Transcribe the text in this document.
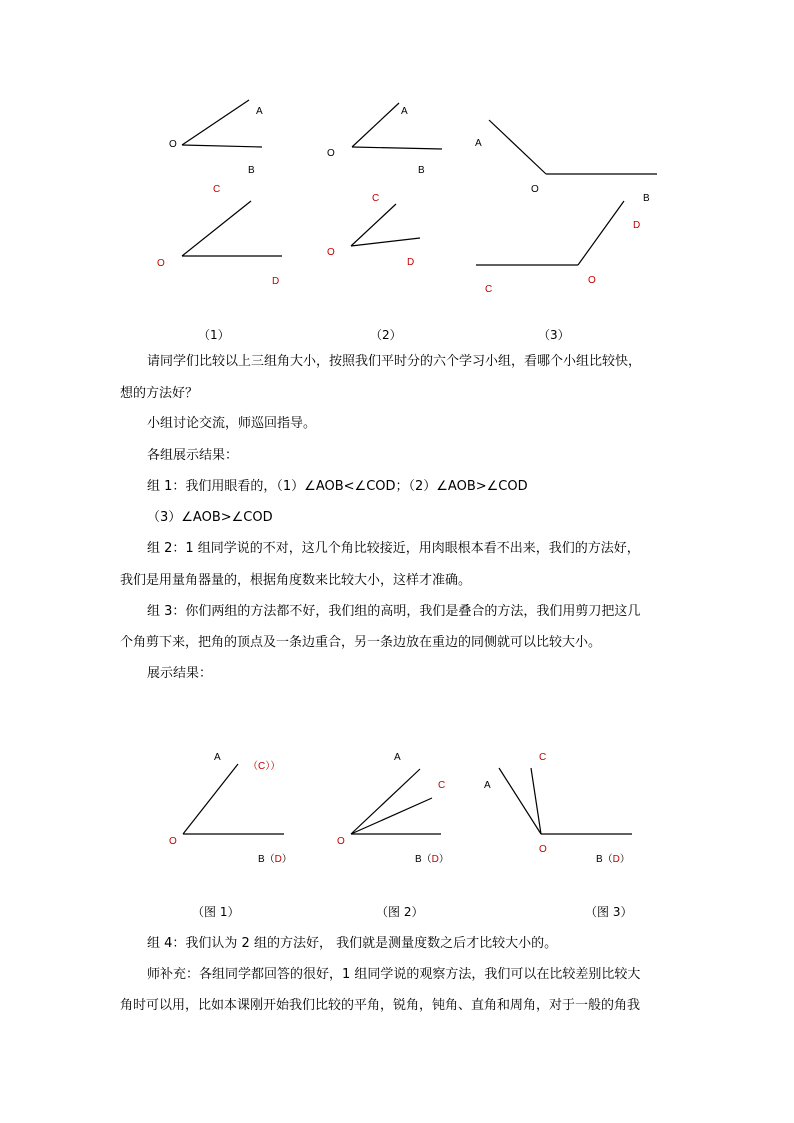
A
O
B
C
O
D
A
O
B
C
O
D
A
O
B
D
C
O
（1）	（2）	（3）
请同学们比较以上三组角大小，按照我们平时分的六个学习小组，看哪个小组比较快，
想的方法好？
小组讨论交流，师巡回指导。
各组展示结果：
组 1：我们用眼看的，（1）∠AOB<∠COD；（2）∠AOB>∠COD
（3）∠AOB>∠COD
组 2：1 组同学说的不对，这几个角比较接近，用肉眼根本看不出来，我们的方法好，
我们是用量角器量的，根据角度数来比较大小，这样才准确。
组 3：你们两组的方法都不好，我们组的高明，我们是叠合的方法，我们用剪刀把这几
个角剪下来，把角的顶点及一条边重合，另一条边放在重边的同侧就可以比较大小。
展示结果：
A
（C））
O
B（D）
A
C
O
B（D）
A
C
O
B（D）
（图 1）	（图 2）	（图 3）
组 4：我们认为 2 组的方法好， 我们就是测量度数之后才比较大小的。
师补充：各组同学都回答的很好，1 组同学说的观察方法，我们可以在比较差别比较大
角时可以用，比如本课刚开始我们比较的平角，锐角，钝角、直角和周角，对于一般的角我
